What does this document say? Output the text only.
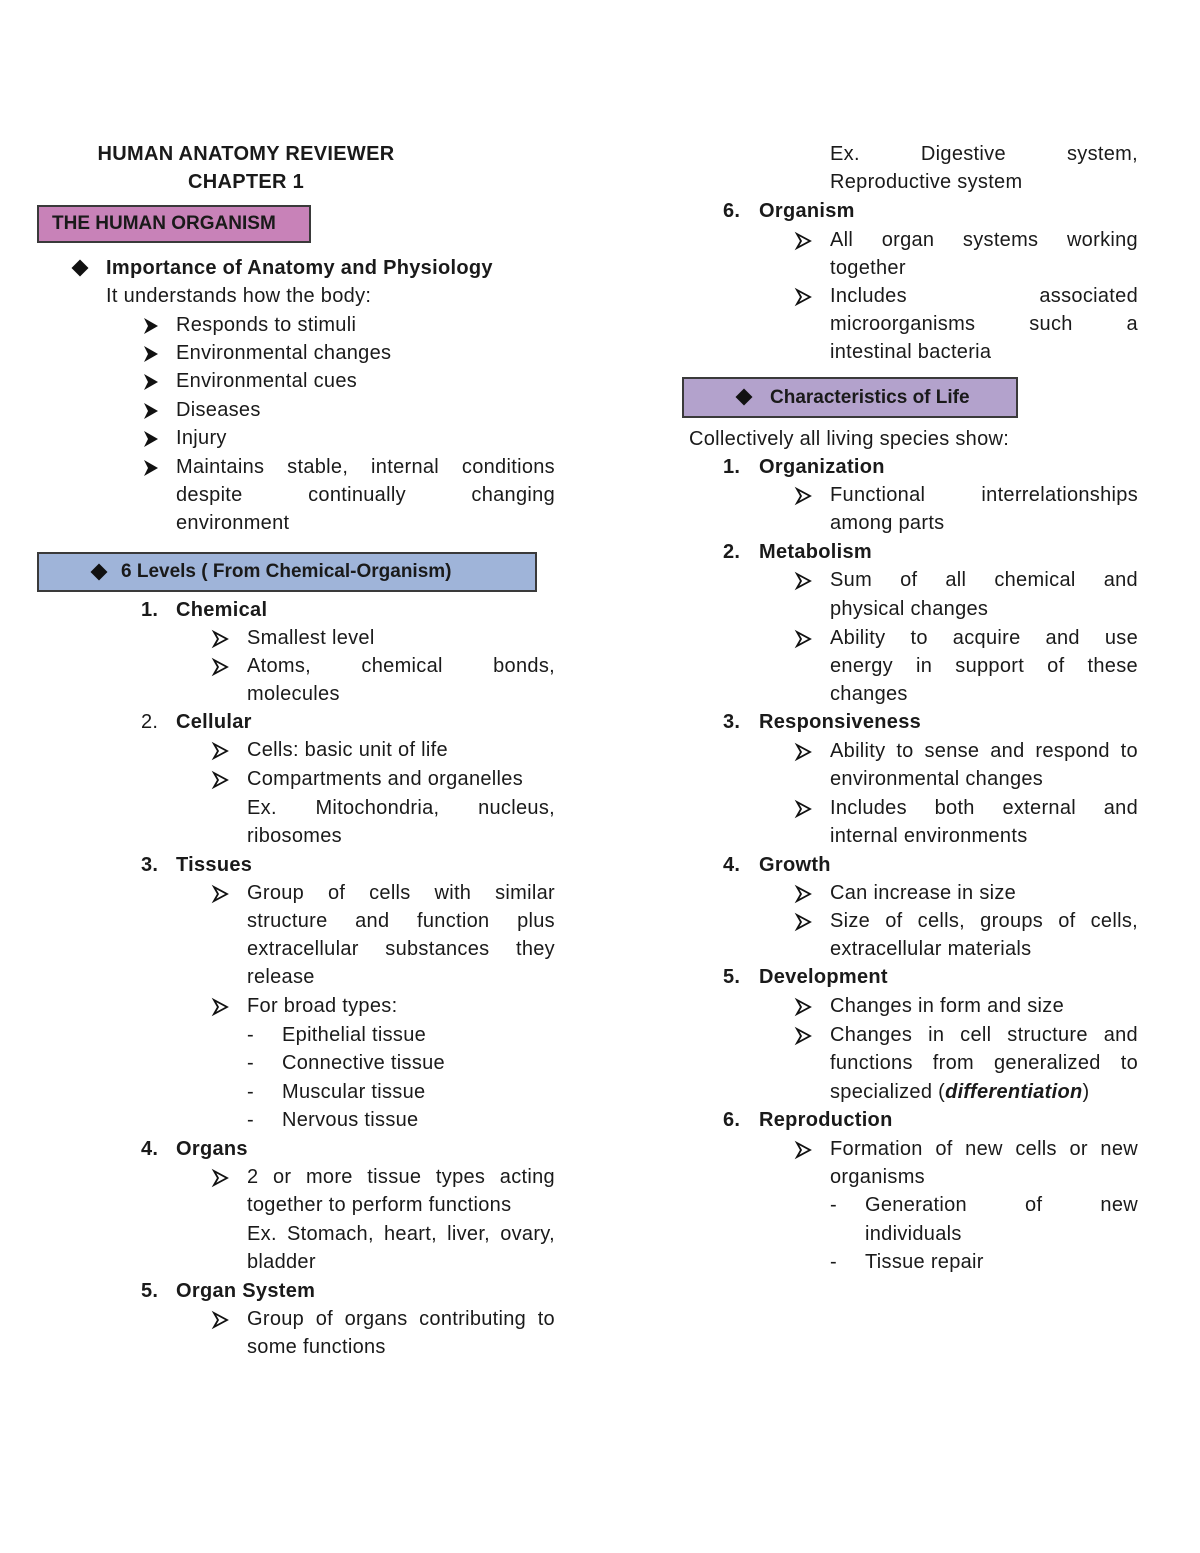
HUMAN ANATOMY REVIEWER
CHAPTER 1
THE HUMAN ORGANISM
Importance of Anatomy and Physiology
It understands how the body:
Responds to stimuli
Environmental changes
Environmental cues
Diseases
Injury
Maintains stable, internal conditions
despite	continually	changing
environment
6 Levels ( From Chemical-Organism)
1. Chemical
Smallest level
Atoms,	chemical	bonds,
molecules
2. Cellular
Cells: basic unit of life
Compartments and organelles
Ex. Mitochondria, nucleus,
ribosomes
3. Tissues
Group of cells with similar
structure and function plus
extracellular substances they
release
For broad types:
- Epithelial tissue
- Connective tissue
- Muscular tissue
- Nervous tissue
4. Organs
2 or more tissue types acting
together to perform functions
Ex. Stomach, heart, liver, ovary,
bladder
5. Organ System
Group of organs contributing to
some functions
Ex.	Digestive	system,
Reproductive system
6. Organism
All organ systems working
together
Includes	associated
microorganisms	such	a
intestinal bacteria
Characteristics of Life
Collectively all living species show:
1. Organization
Functional	interrelationships
among parts
2. Metabolism
Sum of all chemical and
physical changes
Ability to acquire and use
energy in support of these
changes
3. Responsiveness
Ability to sense and respond to
environmental changes
Includes both external and
internal environments
4. Growth
Can increase in size
Size of cells, groups of cells,
extracellular materials
5. Development
Changes in form and size
Changes in cell structure and
functions from generalized to
specialized (differentiation)
6. Reproduction
Formation of new cells or new
organisms
- Generation	of	new
individuals
- Tissue repair
